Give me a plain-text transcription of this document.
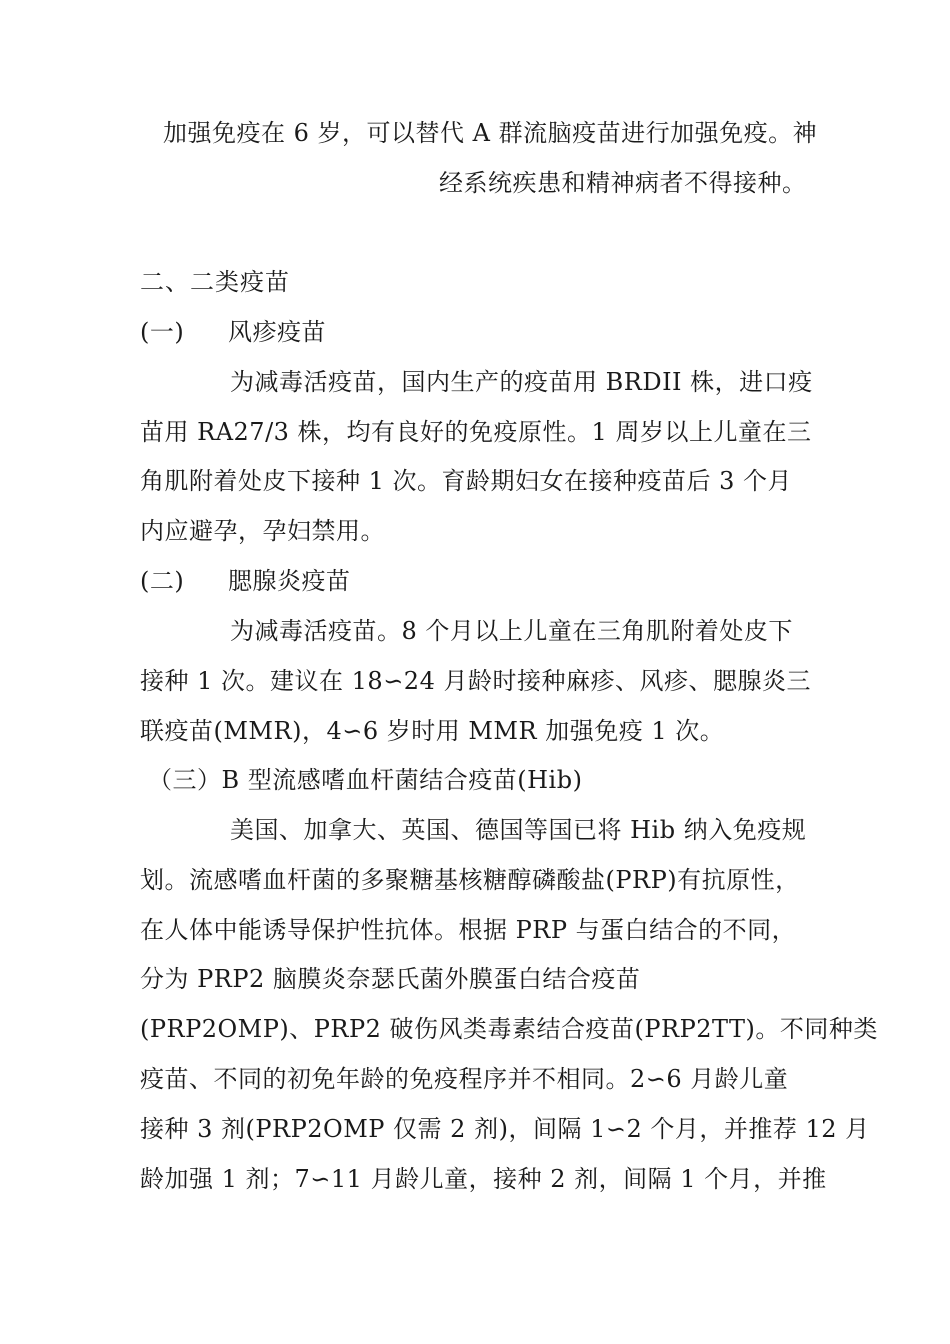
加强免疫在 6 岁，可以替代 A 群流脑疫苗进行加强免疫。神
经系统疾患和精神病者不得接种。
二、二类疫苗
(一) 风疹疫苗
为减毒活疫苗，国内生产的疫苗用 BRDII 株，进口疫
苗用 RA27/3 株，均有良好的免疫原性。1 周岁以上儿童在三
角肌附着处皮下接种 1 次。育龄期妇女在接种疫苗后 3 个月
内应避孕，孕妇禁用。
(二) 腮腺炎疫苗
为减毒活疫苗。8 个月以上儿童在三角肌附着处皮下
接种 1 次。建议在 18∽24 月龄时接种麻疹、风疹、腮腺炎三
联疫苗(MMR)，4∽6 岁时用 MMR 加强免疫 1 次。
（三）B 型流感嗜血杆菌结合疫苗(Hib)
美国、加拿大、英国、德国等国已将 Hib 纳入免疫规
划。流感嗜血杆菌的多聚糖基核糖醇磷酸盐(PRP)有抗原性，
在人体中能诱导保护性抗体。根据 PRP 与蛋白结合的不同，
分为 PRP2 脑膜炎奈瑟氏菌外膜蛋白结合疫苗
(PRP2OMP)、PRP2 破伤风类毒素结合疫苗(PRP2TT)。不同种类
疫苗、不同的初免年龄的免疫程序并不相同。2∽6 月龄儿童
接种 3 剂(PRP2OMP 仅需 2 剂)，间隔 1∽2 个月，并推荐 12 月
龄加强 1 剂；7∽11 月龄儿童，接种 2 剂，间隔 1 个月，并推
